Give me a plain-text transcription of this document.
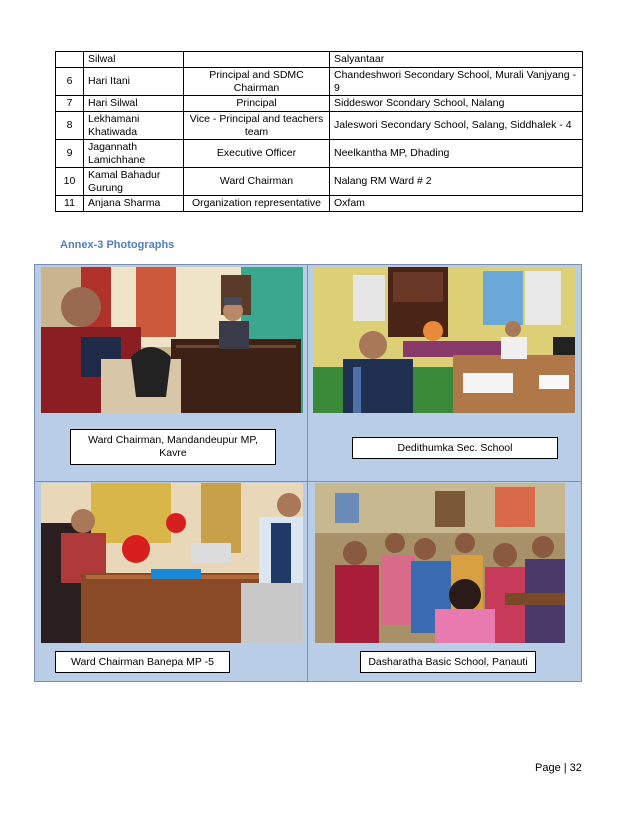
	Silwal		Salyantaar
6	Hari Itani	Principal and SDMC Chairman	Chandeshwori Secondary School, Murali Vanjyang - 9
7	Hari Silwal	Principal	Siddeswor Scondary School, Nalang
8	Lekhamani Khatiwada	Vice - Principal and teachers team	Jaleswori Secondary School, Salang, Siddhalek - 4
9	Jagannath Lamichhane	Executive Officer	Neelkantha MP, Dhading
10	Kamal Bahadur Gurung	Ward Chairman	Nalang RM Ward # 2
11	Anjana Sharma	Organization representative	Oxfam
Annex-3 Photographs
Ward Chairman, Mandandeupur MP, Kavre	Dedithumka Sec. School
Ward Chairman Banepa MP -5	Dasharatha Basic School, Panauti
Page | 32
